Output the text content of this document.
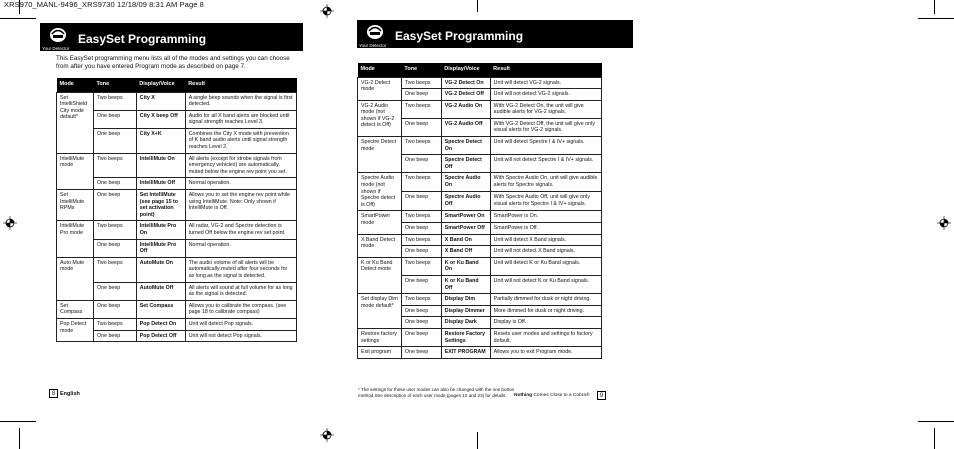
XRS970_MANL-9496_XRS9730 12/18/09 8:31 AM Page 8
Your Detector
EasySet Programming
This EasySet programming menu lists all of the modes and settings you can choose from after you have entered Program mode as described on page 7.
Mode	Tone	Display/Voice	Result
Set IntelliShield City mode default*	Two beeps	City X	A single beep sounds when the signal is first detected.
	One beep	City X beep Off	Audio for all X band alerts are blocked until signal strength reaches Level 3.
	One beep	City X+K	Combines the City X mode with prevention of K band audio alerts until signal strength reaches Level 2.
IntelliMute mode	Two beeps	IntelliMute On	All alerts (except for strobe signals from emergency vehicles) are automatically muted below the engine rev point you set.
	One beep	IntelliMute Off	Normal operation.
Set IntelliMute RPMs	One beep	Set IntelliMute (see page 15 to set activation point)	Allows you to set the engine rev point while using IntelliMute. Note: Only shown if IntelliMute is Off.
IntelliMute Pro mode	Two beeps	IntelliMute Pro On	All radar, VG-2 and Spectre detection is turned Off below the engine rev set point.
	One beep	IntelliMute Pro Off	Normal operation.
Auto Mute mode	Two beeps	AutoMute On	The audio volume of all alerts will be automatically muted after four seconds for as long as the signal is detected.
	One beep	AutoMute Off	All alerts will sound at full volume for as long as the signal is detected.
Set Compass	One beep	Set Compass	Allows you to calibrate the compass. (see page 18 to calibrate compass)
Pop Detect mode	Two beeps	Pop Detect On	Unit will detect Pop signals.
	One beep	Pop Detect Off	Unit will not detect Pop signals.
8 English
Your Detector
EasySet Programming
Mode	Tone	Display/Voice	Result
VG-2 Detect mode	Two beeps	VG-2 Detect On	Unit will detect VG-2 signals.
	One beep	VG-2 Detect Off	Unit will not detect VG-2 signals.
VG-2 Audio mode (not shown if VG-2 detect is Off)	Two beeps	VG-2 Audio On	With VG-2 Detect On, the unit will give audible alerts for VG-2 signals.
	One beep	VG-2 Audio Off	With VG-2 Detect Off, the unit will give only visual alerts for VG-2 signals.
Spectre Detect mode	Two beeps	Spectre Detect On	Unit will detect Spectre I & IV+ signals.
	One beep	Spectre Detect Off	Unit will not detect Spectre I & IV+ signals.
Spectre Audio mode (not shown if Spectre detect is Off)	Two beeps	Spectre Audio On	With Spectre Audio On, unit will give audible alerts for Spectre signals.
	One beep	Spectre Audio Off	With Spectre Audio Off, unit will give only visual alerts for Spectre I & IV+ signals.
SmartPower mode	Two beeps	SmartPower On	SmartPower is On.
	One beep	SmartPower Off	SmartPower is Off.
X Band Detect mode	Two beeps	X Band On	Unit will detect X Band signals.
	One beep	X Band Off	Unit will not detect X Band signals.
K or Ku Band Detect mode	Two beeps	K or Ku Band On	Unit will detect K or Ku Band signals.
	One beep	K or Ku Band Off	Unit will not detect K or Ku Band signals.
Set display Dim mode default*	Two beeps	Display Dim	Partially dimmed for dusk or night driving.
	One beep	Display Dimmer	More dimmed for dusk or night driving.
	One beep	Display Dark	Display is Off.
Restore factory settings	One beep	Restore Factory Settings	Resets user modes and settings to factory default.
Exit program	One beep	EXIT PROGRAM	Allows you to exit Program mode.
* The settings for these user modes can also be changed with the one button method.See description of each user mode (pages 10 and 23) for details.	Nothing Comes Close to a Cobra®	9
